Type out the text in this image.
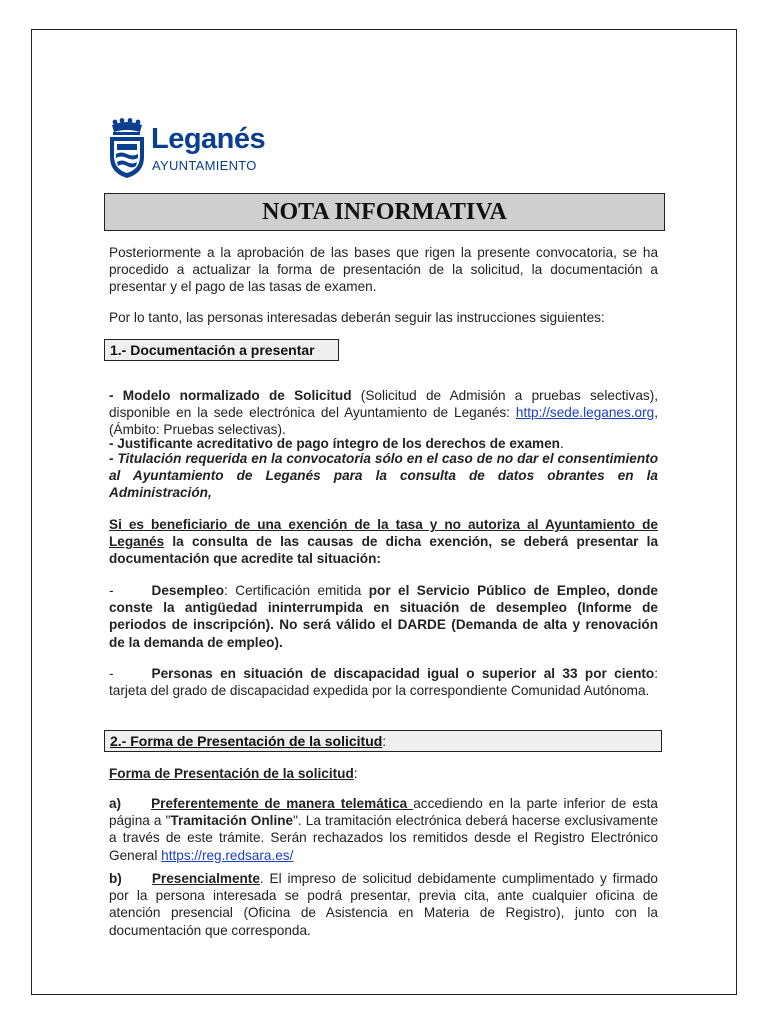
Leganés
AYUNTAMIENTO
NOTA INFORMATIVA

Posteriormente a la aprobación de las bases que rigen la presente convocatoria, se ha procedido a actualizar la forma de presentación de la solicitud, la documentación a presentar y el pago de las tasas de examen.

Por lo tanto, las personas interesadas deberán seguir las instrucciones siguientes:

1.- Documentación a presentar

- Modelo normalizado de Solicitud (Solicitud de Admisión a pruebas selectivas), disponible en la sede electrónica del Ayuntamiento de Leganés: http://sede.leganes.org, (Ámbito: Pruebas selectivas).

- Justificante acreditativo de pago íntegro de los derechos de examen.

- Titulación requerida en la convocatoria sólo en el caso de no dar el consentimiento al Ayuntamiento de Leganés para la consulta de datos obrantes en la Administración,

Si es beneficiario de una exención de la tasa y no autoriza al Ayuntamiento de Leganés la consulta de las causas de dicha exención, se deberá presentar la documentación que acredite tal situación:

-	Desempleo: Certificación emitida por el Servicio Público de Empleo, donde conste la antigüedad ininterrumpida en situación de desempleo (Informe de periodos de inscripción). No será válido el DARDE (Demanda de alta y renovación de la demanda de empleo).

-	Personas en situación de discapacidad igual o superior al 33 por ciento: tarjeta del grado de discapacidad expedida por la correspondiente Comunidad Autónoma.

2.- Forma de Presentación de la solicitud:

Forma de Presentación de la solicitud:

a) Preferentemente de manera telemática accediendo en la parte inferior de esta página a "Tramitación Online". La tramitación electrónica deberá hacerse exclusivamente a través de este trámite. Serán rechazados los remitidos desde el Registro Electrónico General https://reg.redsara.es/

b) Presencialmente. El impreso de solicitud debidamente cumplimentado y firmado por la persona interesada se podrá presentar, previa cita, ante cualquier oficina de atención presencial (Oficina de Asistencia en Materia de Registro), junto con la documentación que corresponda.
